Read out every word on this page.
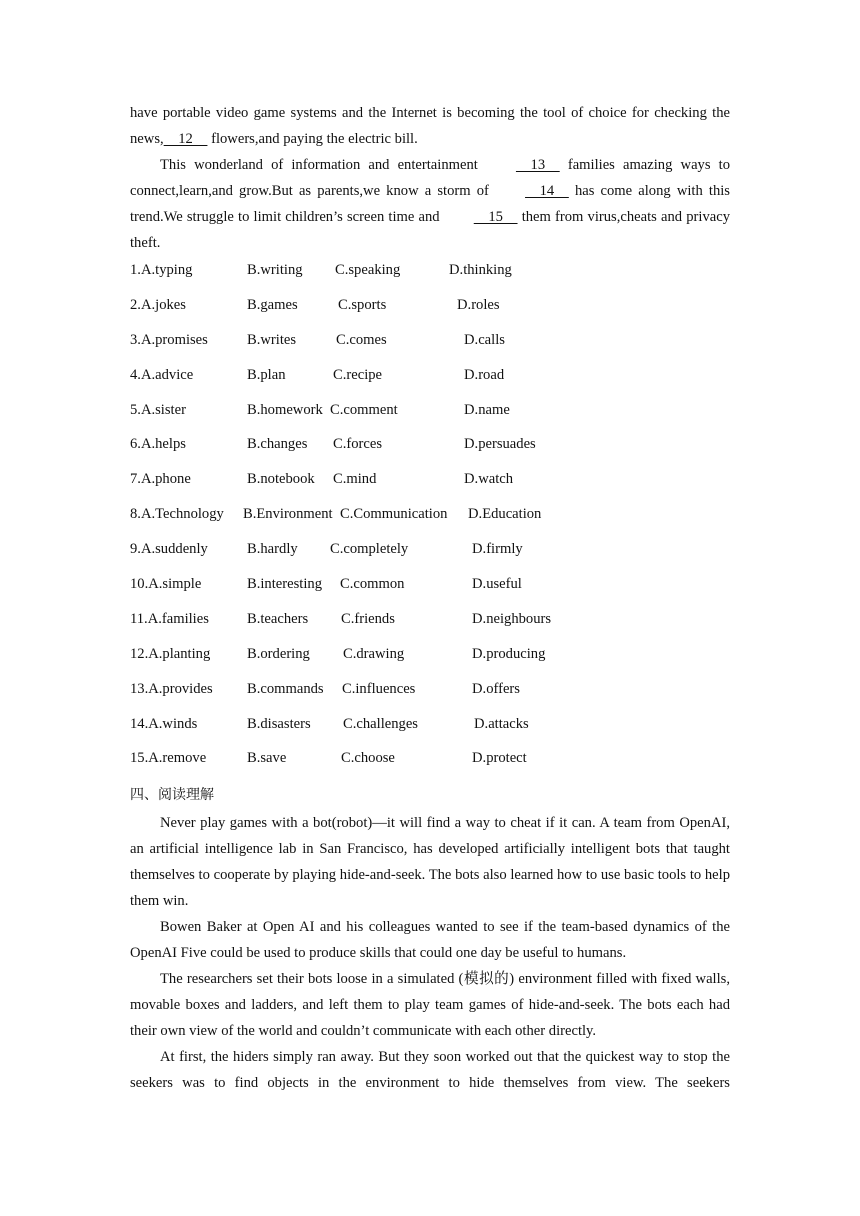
have portable video game systems and the Internet is becoming the tool of choice for checking the news,    12     flowers,and paying the electric bill.

This wonderland of information and entertainment     13     families amazing ways to connect,learn,and grow.But as parents,we know a storm of     14     has come along with this trend.We struggle to limit children’s screen time and     15     them from virus,cheats and privacy theft.

1.A.typing	B.writing C.speaking	D.thinking
2.A.jokes	B.games	C.sports	D.roles
3.A.promises	B.writes	C.comes	D.calls
4.A.advice	B.plan	C.recipe	D.road
5.A.sister	B.homework C.comment	D.name
6.A.helps	B.changes C.forces	D.persuades
7.A.phone	B.notebook C.mind	D.watch
8.A.Technology B.Environment C.Communication D.Education
9.A.suddenly	B.hardly C.completely	D.firmly
10.A.simple	B.interesting C.common	D.useful
11.A.families	B.teachers C.friends	D.neighbours
12.A.planting	B.ordering C.drawing	D.producing
13.A.provides B.commands C.influences	D.offers
14.A.winds	B.disasters C.challenges	D.attacks
15.A.remove	B.save	C.choose	D.protect
四、阅读理解

Never play games with a bot(robot)—it will find a way to cheat if it can. A team from OpenAI, an artificial intelligence lab in San Francisco, has developed artificially intelligent bots that taught themselves to cooperate by playing hide-and-seek. The bots also learned how to use basic tools to help them win.

Bowen Baker at Open AI and his colleagues wanted to see if the team-based dynamics of the OpenAI Five could be used to produce skills that could one day be useful to humans.

The researchers set their bots loose in a simulated (模拟的) environment filled with fixed walls, movable boxes and ladders, and left them to play team games of hide-and-seek. The bots each had their own view of the world and couldn’t communicate with each other directly.

At first, the hiders simply ran away. But they soon worked out that the quickest way to stop the seekers was to find objects in the environment to hide themselves from view. The seekers
